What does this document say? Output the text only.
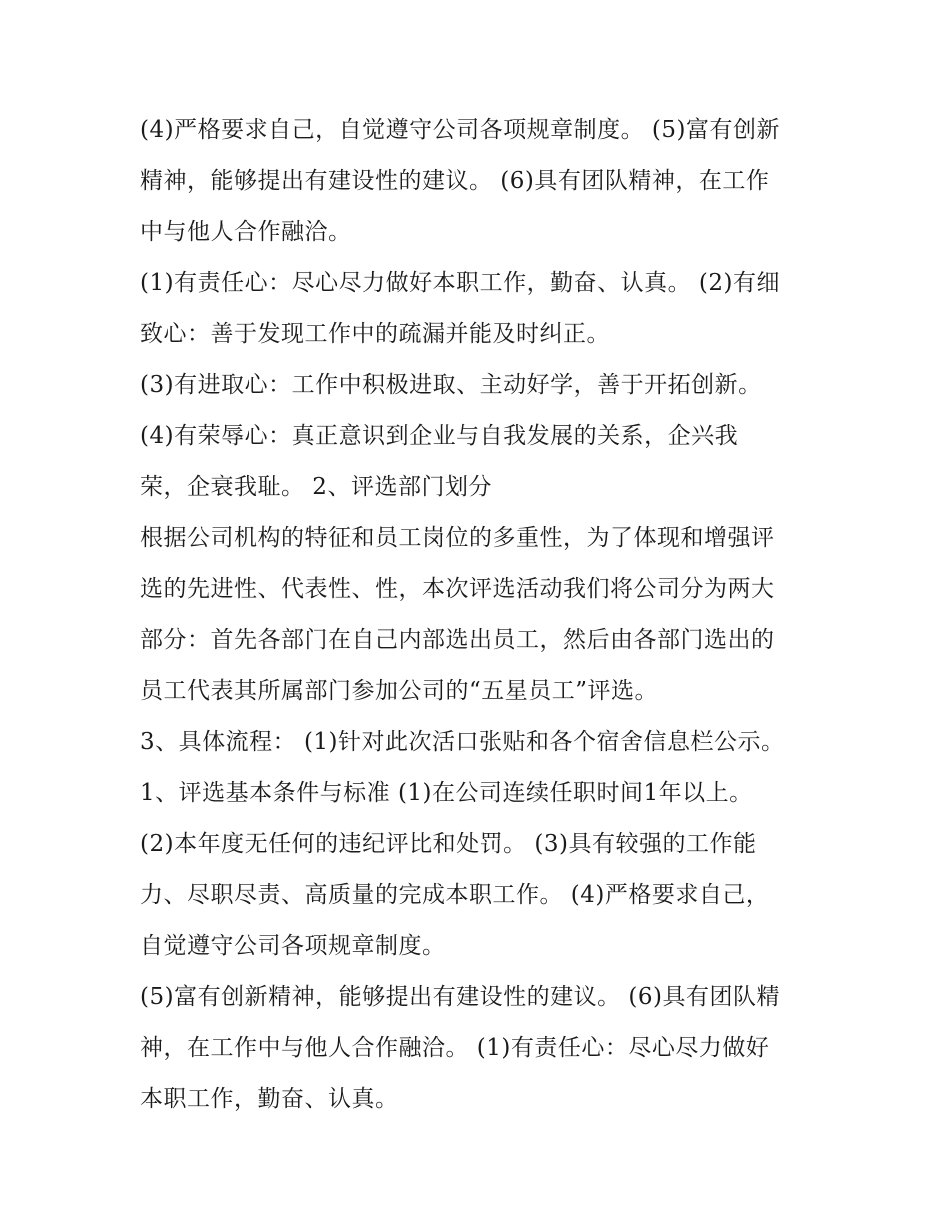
(4)严格要求自己，自觉遵守公司各项规章制度。 (5)富有创新
精神，能够提出有建设性的建议。 (6)具有团队精神，在工作
中与他人合作融洽。

(1)有责任心：尽心尽力做好本职工作，勤奋、认真。 (2)有细
致心：善于发现工作中的疏漏并能及时纠正。

(3)有进取心：工作中积极进取、主动好学，善于开拓创新。

(4)有荣辱心：真正意识到企业与自我发展的关系，企兴我
荣，企衰我耻。 2、评选部门划分

根据公司机构的特征和员工岗位的多重性，为了体现和增强评
选的先进性、代表性、性，本次评选活动我们将公司分为两大
部分：首先各部门在自己内部选出员工，然后由各部门选出的
员工代表其所属部门参加公司的“五星员工”评选。

3、具体流程： (1)针对此次活口张贴和各个宿舍信息栏公示。

1、评选基本条件与标准 (1)在公司连续任职时间1年以上。

(2)本年度无任何的违纪评比和处罚。 (3)具有较强的工作能
力、尽职尽责、高质量的完成本职工作。 (4)严格要求自己，
自觉遵守公司各项规章制度。

(5)富有创新精神，能够提出有建设性的建议。 (6)具有团队精
神，在工作中与他人合作融洽。 (1)有责任心：尽心尽力做好
本职工作，勤奋、认真。
